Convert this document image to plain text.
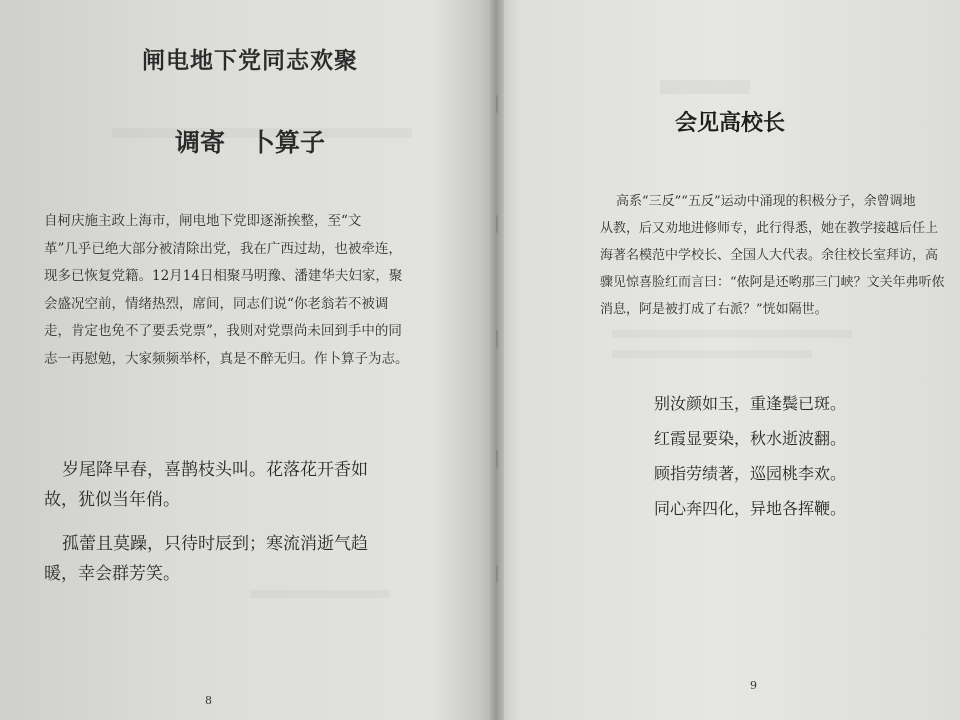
闸电地下党同志欢聚
调寄　卜算子
自柯庆施主政上海市，闸电地下党即逐渐挨整，至“文
革”几乎已绝大部分被清除出党，我在广西过劫，也被牵连，
现多已恢复党籍。12月14日相聚马明豫、潘建华夫妇家，聚
会盛况空前，情绪热烈，席间，同志们说“你老翁若不被调
走，肯定也免不了要丢党票”，我则对党票尚未回到手中的同
志一再慰勉，大家频频举杯，真是不醉无归。作卜算子为志。
岁尾降早春，喜鹊枝头叫。花落花开香如
故，犹似当年俏。
孤蕾且莫躁，只待时辰到；寒流消逝气趋
暖，幸会群芳笑。
8
会见高校长
高系“三反”“五反”运动中涌现的积极分子，余曾调地
从教，后又劝地进修师专，此行得悉，她在教学接越后任上
海著名模范中学校长、全国人大代表。余往校长室拜访，高
骤见惊喜脸红而言曰：“侬阿是还哟那三门峡？文关年弗听侬
消息，阿是被打成了右派？”恍如隔世。
别汝颜如玉，重逢鬓已斑。
红霞显要染，秋水逝波翻。
顾指劳绩著，巡园桃李欢。
同心奔四化，异地各挥鞭。
9
